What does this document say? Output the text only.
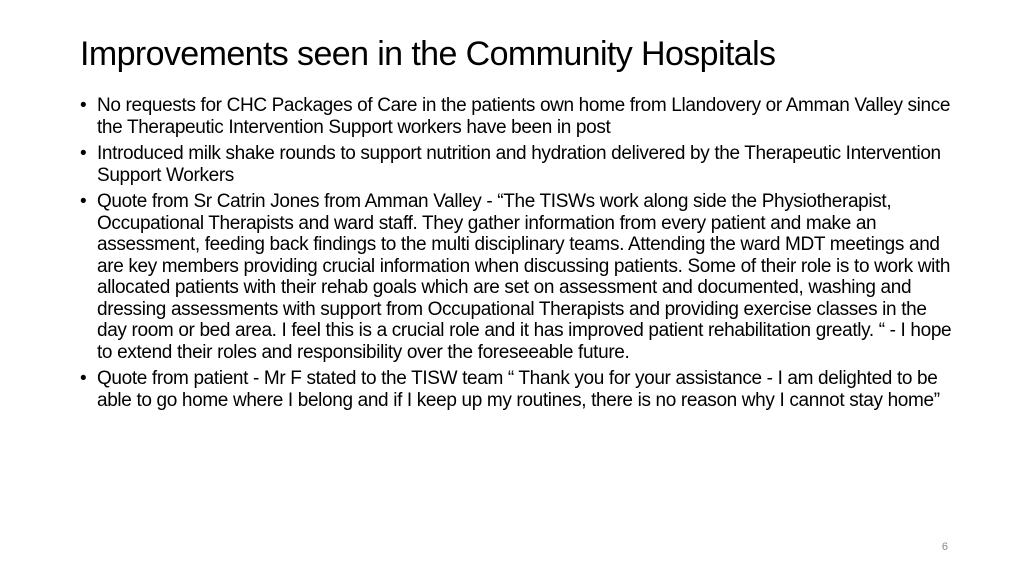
Improvements seen in the Community Hospitals
• No requests for CHC Packages of Care in the patients own home from Llandovery or Amman Valley since the Therapeutic Intervention Support workers have been in post
• Introduced milk shake rounds to support nutrition and hydration delivered by the Therapeutic Intervention Support Workers
• Quote from Sr Catrin Jones from Amman Valley - “The TISWs work along side the Physiotherapist, Occupational Therapists and ward staff. They gather information from every patient and make an assessment, feeding back findings to the multi disciplinary teams. Attending the ward MDT meetings and are key members providing crucial information when discussing patients. Some of their role is to work with allocated patients with their rehab goals which are set on assessment and documented, washing and dressing assessments with support from Occupational Therapists and providing exercise classes in the day room or bed area. I feel this is a crucial role and it has improved patient rehabilitation greatly. “ - I hope to extend their roles and responsibility over the foreseeable future.
• Quote from patient - Mr F stated to the TISW team “ Thank you for your assistance - I am delighted to be able to go home where I belong and if I keep up my routines, there is no reason why I cannot stay home”
6
